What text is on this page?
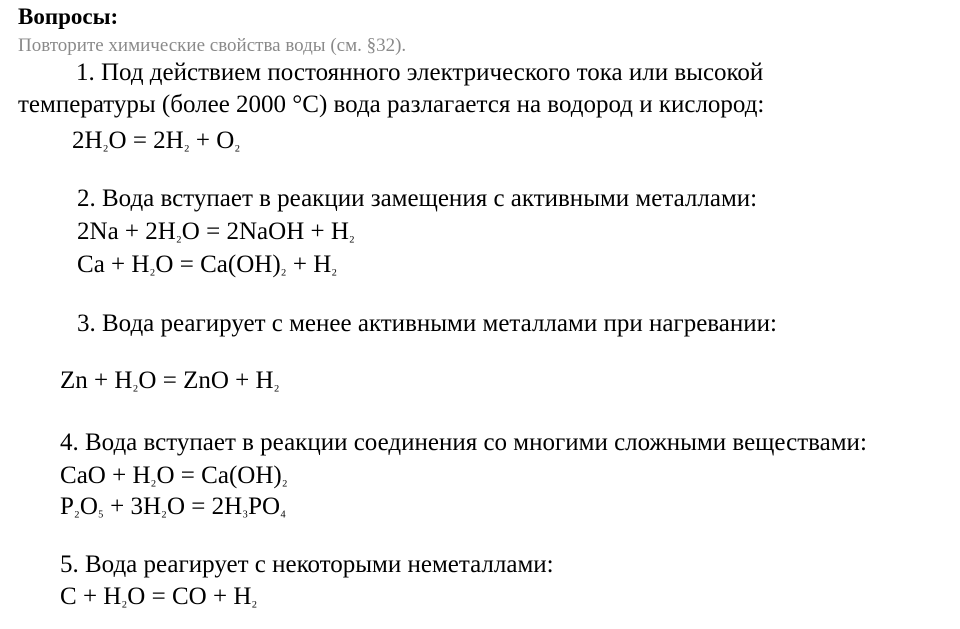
Вопросы:
Повторите химические свойства воды (см. §32).
1. Под действием постоянного электрического тока или высокой
температуры (более 2000 °C) вода разлагается на водород и кислород:
2H₂O = 2H₂ + O₂
2. Вода вступает в реакции замещения с активными металлами:
2Na + 2H₂O = 2NaOH + H₂
Ca + H₂O = Ca(OH)₂ + H₂
3. Вода реагирует с менее активными металлами при нагревании:
Zn + H₂O = ZnO + H₂
4. Вода вступает в реакции соединения со многими сложными веществами:
CaO + H₂O = Ca(OH)₂
P₂O₅ + 3H₂O = 2H₃PO₄
5. Вода реагирует с некоторыми неметаллами:
C + H₂O = CO + H₂
